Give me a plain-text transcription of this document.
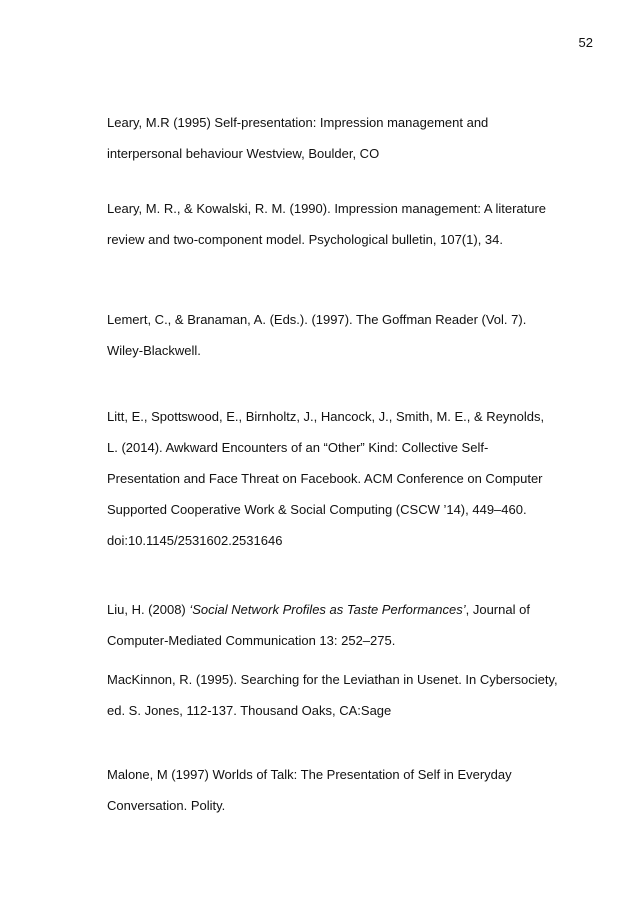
52

Leary, M.R (1995) Self-presentation: Impression management and
interpersonal behaviour Westview, Boulder, CO

Leary, M. R., & Kowalski, R. M. (1990). Impression management: A literature
review and two-component model. Psychological bulletin, 107(1), 34.

Lemert, C., & Branaman, A. (Eds.). (1997). The Goffman Reader (Vol. 7).
Wiley-Blackwell.

Litt, E., Spottswood, E., Birnholtz, J., Hancock, J., Smith, M. E., & Reynolds,
L. (2014). Awkward Encounters of an “Other” Kind: Collective Self-
Presentation and Face Threat on Facebook. ACM Conference on Computer
Supported Cooperative Work & Social Computing (CSCW ’14), 449–460.
doi:10.1145/2531602.2531646

Liu, H. (2008) ‘Social Network Profiles as Taste Performances’, Journal of
Computer-Mediated Communication 13: 252–275.

MacKinnon, R. (1995). Searching for the Leviathan in Usenet. In Cybersociety,
ed. S. Jones, 112-137. Thousand Oaks, CA:Sage

Malone, M (1997) Worlds of Talk: The Presentation of Self in Everyday
Conversation. Polity.
